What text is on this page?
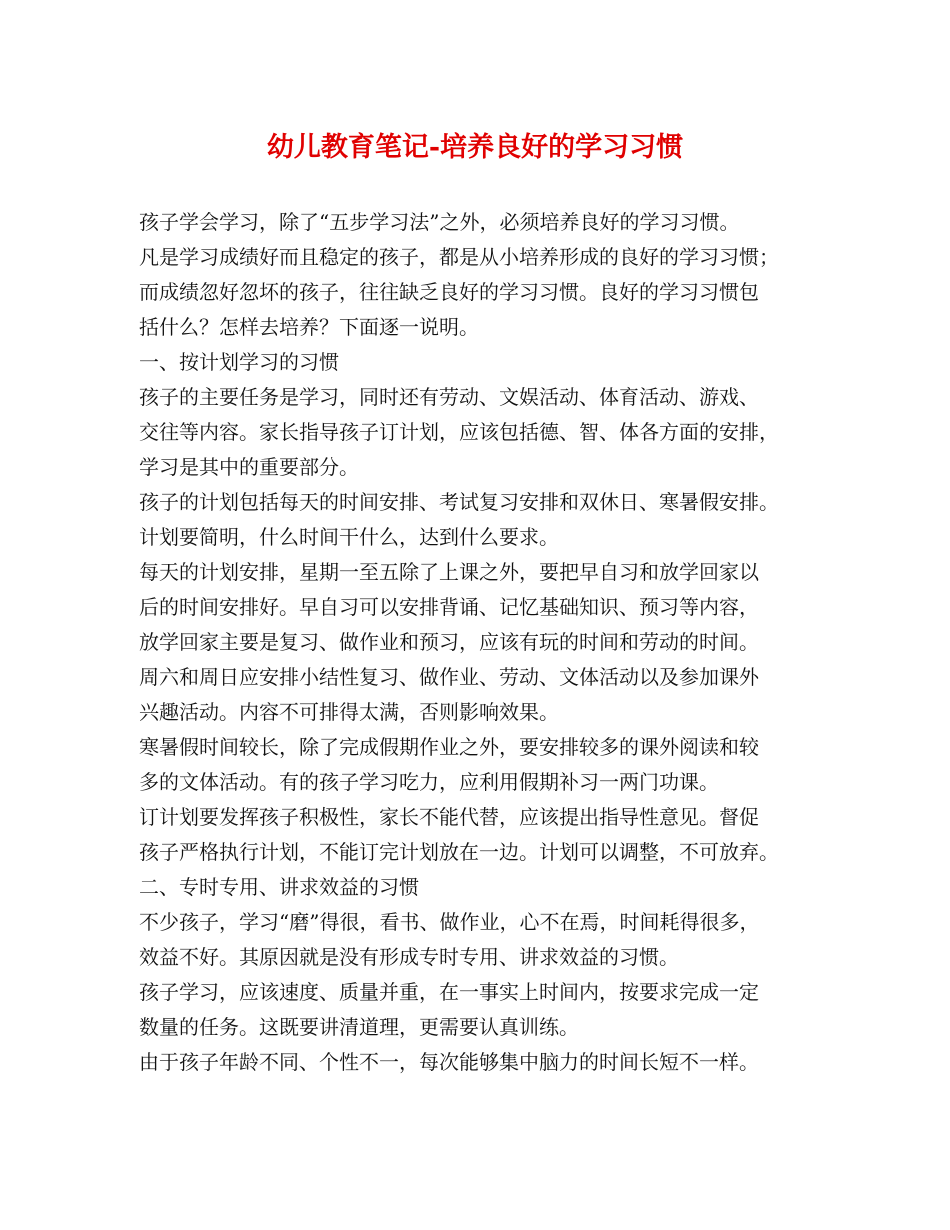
幼儿教育笔记-培养良好的学习习惯
孩子学会学习，除了“五步学习法”之外，必须培养良好的学习习惯。
凡是学习成绩好而且稳定的孩子，都是从小培养形成的良好的学习习惯；
而成绩忽好忽坏的孩子，往往缺乏良好的学习习惯。良好的学习习惯包
括什么？怎样去培养？下面逐一说明。
一、按计划学习的习惯
孩子的主要任务是学习，同时还有劳动、文娱活动、体育活动、游戏、
交往等内容。家长指导孩子订计划，应该包括德、智、体各方面的安排，
学习是其中的重要部分。
孩子的计划包括每天的时间安排、考试复习安排和双休日、寒暑假安排。
计划要简明，什么时间干什么，达到什么要求。
每天的计划安排，星期一至五除了上课之外，要把早自习和放学回家以
后的时间安排好。早自习可以安排背诵、记忆基础知识、预习等内容，
放学回家主要是复习、做作业和预习，应该有玩的时间和劳动的时间。
周六和周日应安排小结性复习、做作业、劳动、文体活动以及参加课外
兴趣活动。内容不可排得太满，否则影响效果。
寒暑假时间较长，除了完成假期作业之外，要安排较多的课外阅读和较
多的文体活动。有的孩子学习吃力，应利用假期补习一两门功课。
订计划要发挥孩子积极性，家长不能代替，应该提出指导性意见。督促
孩子严格执行计划，不能订完计划放在一边。计划可以调整，不可放弃。
二、专时专用、讲求效益的习惯
不少孩子，学习“磨”得很，看书、做作业，心不在焉，时间耗得很多，
效益不好。其原因就是没有形成专时专用、讲求效益的习惯。
孩子学习，应该速度、质量并重，在一事实上时间内，按要求完成一定
数量的任务。这既要讲清道理，更需要认真训练。
由于孩子年龄不同、个性不一，每次能够集中脑力的时间长短不一样。
